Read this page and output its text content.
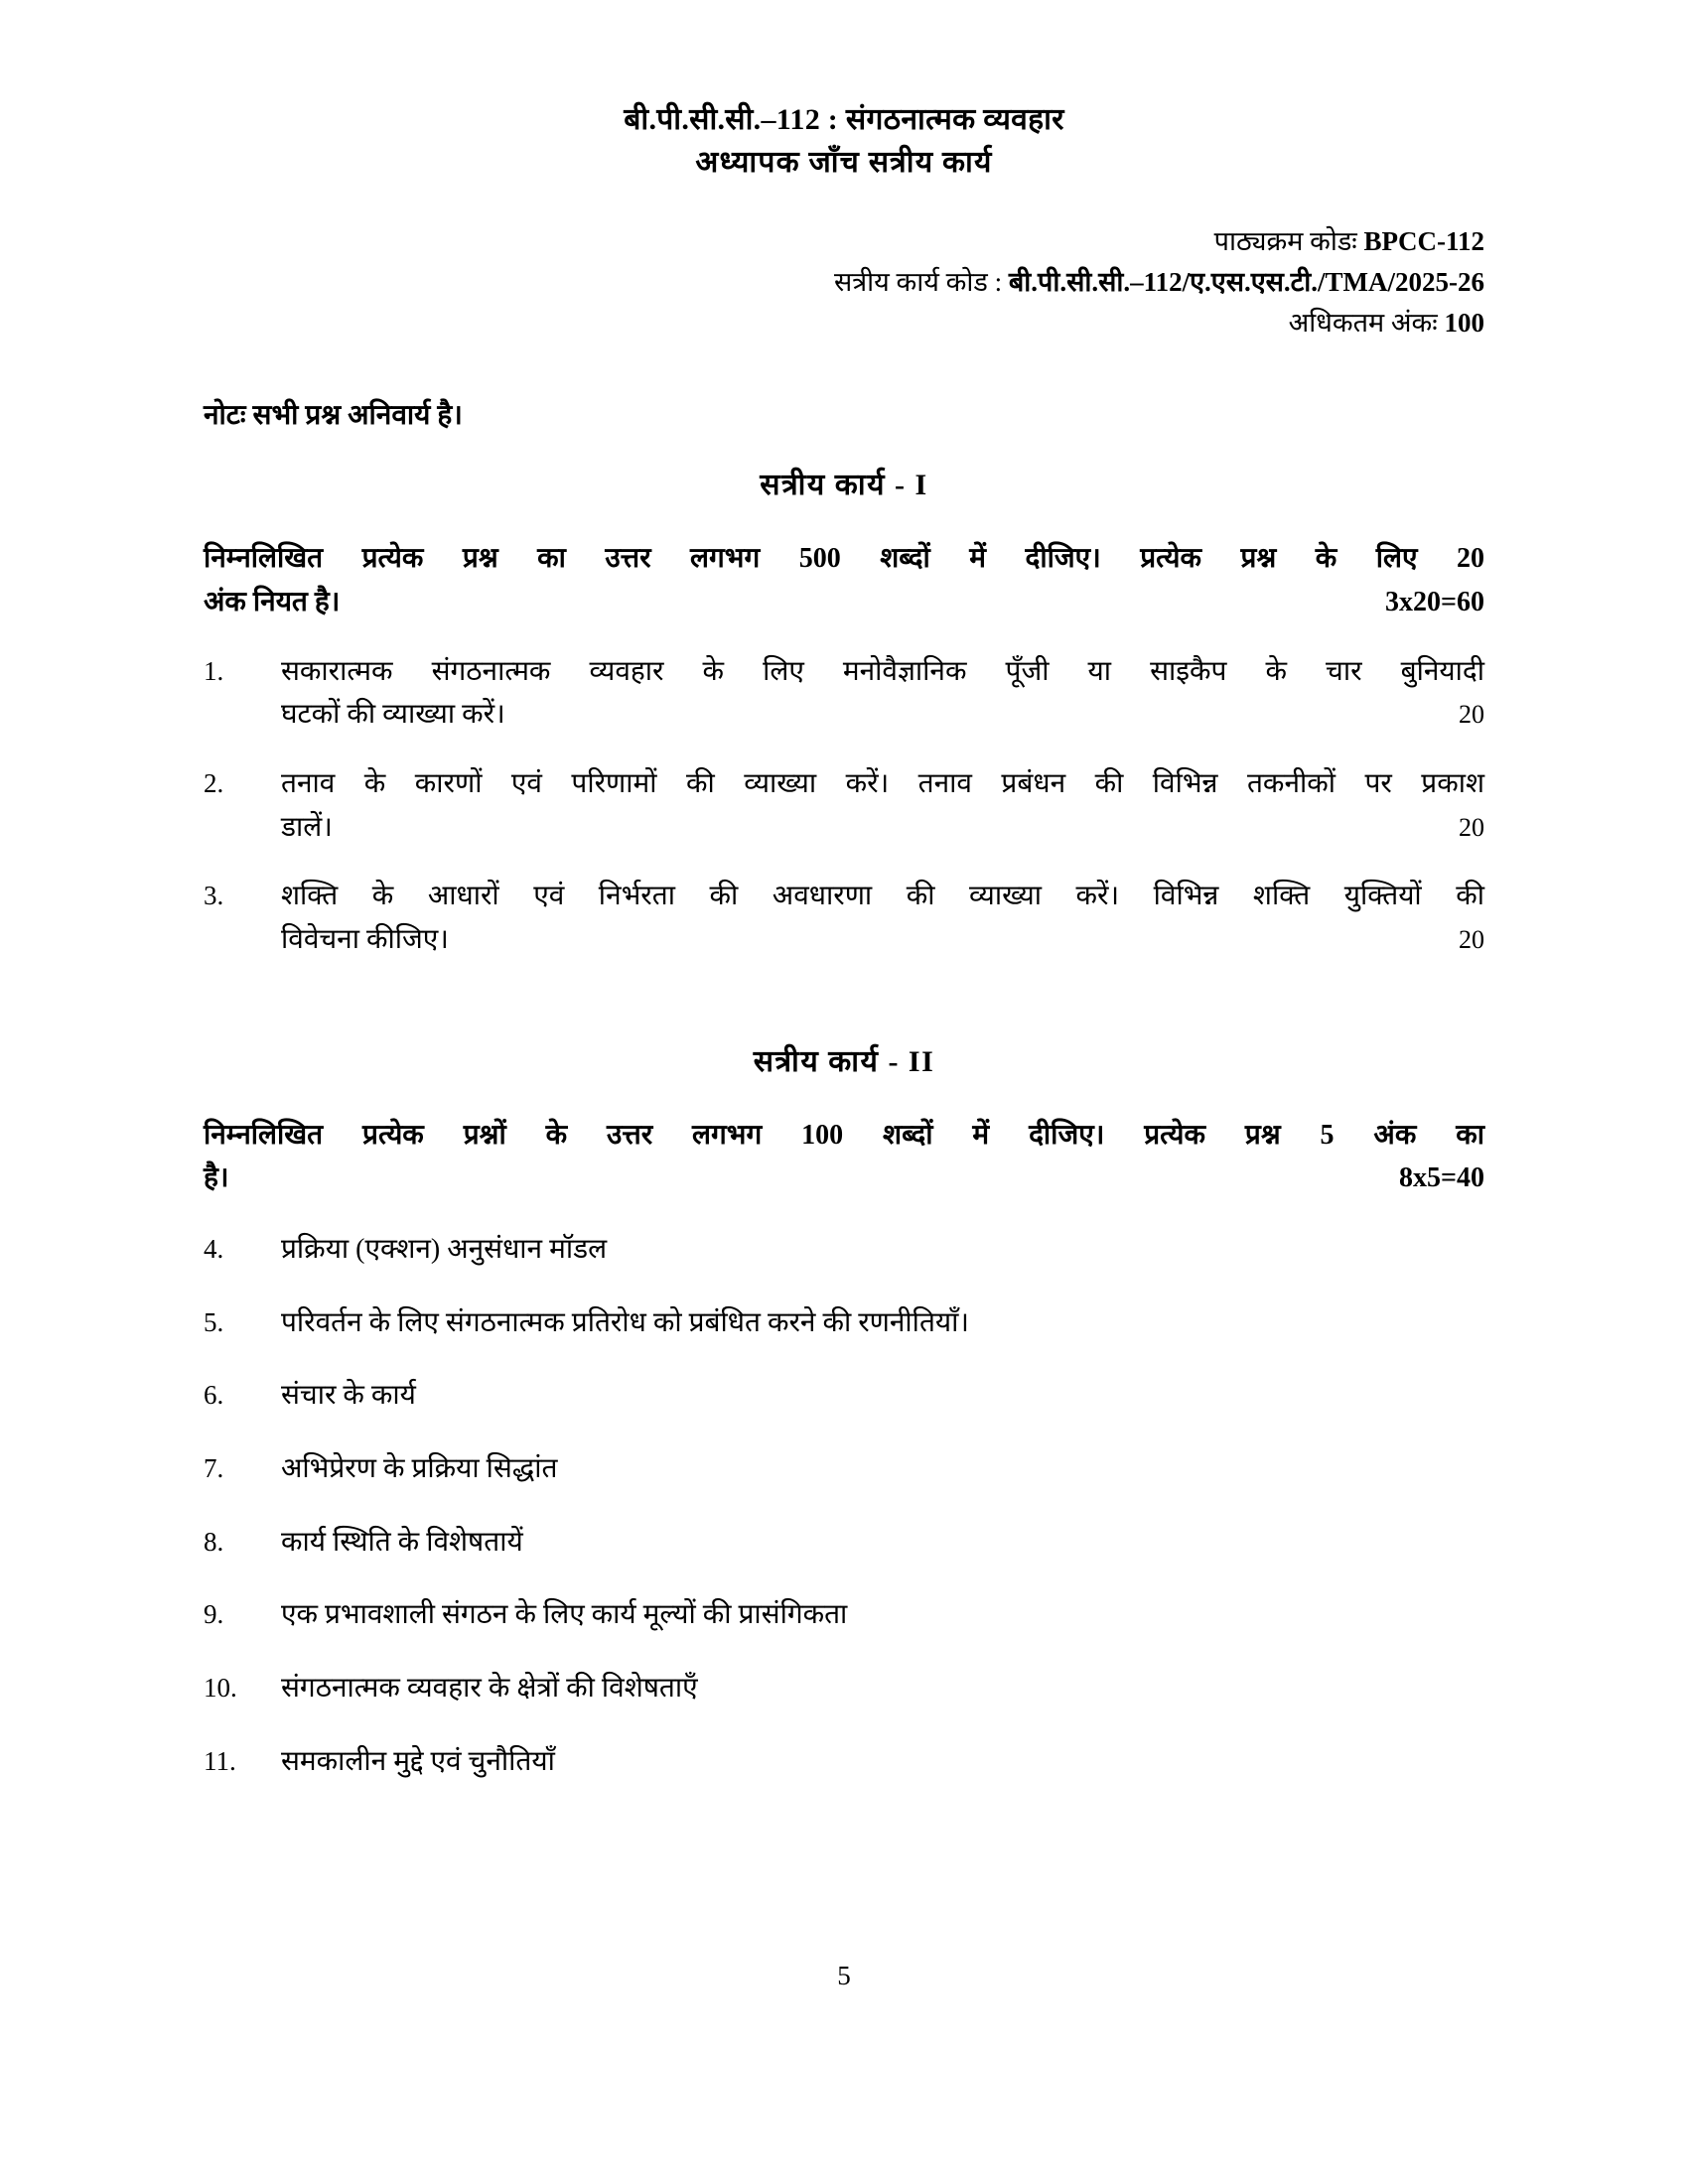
बी.पी.सी.सी.–112 : संगठनात्मक व्यवहार
अध्यापक जाँच सत्रीय कार्य
पाठ्यक्रम कोडः BPCC-112
सत्रीय कार्य कोड : बी.पी.सी.सी.–112/ए.एस.एस.टी./TMA/2025-26
अधिकतम अंकः 100
नोटः सभी प्रश्न अनिवार्य है।
सत्रीय कार्य - I
निम्नलिखित प्रत्येक प्रश्न का उत्तर लगभग 500 शब्दों में दीजिए। प्रत्येक प्रश्न के लिए 20
अंक नियत है।	3x20=60
1.	सकारात्मक संगठनात्मक व्यवहार के लिए मनोवैज्ञानिक पूँजी या साइकैप के चार बुनियादी
घटकों की व्याख्या करें।	20
2.	तनाव के कारणों एवं परिणामों की व्याख्या करें। तनाव प्रबंधन की विभिन्न तकनीकों पर प्रकाश
डालें।	20
3.	शक्ति के आधारों एवं निर्भरता की अवधारणा की व्याख्या करें। विभिन्न शक्ति युक्तियों की
विवेचना कीजिए।	20
सत्रीय कार्य - II
निम्नलिखित प्रत्येक प्रश्नों के उत्तर लगभग 100 शब्दों में दीजिए। प्रत्येक प्रश्न 5 अंक का
है।	8x5=40
4.	प्रक्रिया (एक्शन) अनुसंधान मॉडल
5.	परिवर्तन के लिए संगठनात्मक प्रतिरोध को प्रबंधित करने की रणनीतियाँ।
6.	संचार के कार्य
7.	अभिप्रेरण के प्रक्रिया सिद्धांत
8.	कार्य स्थिति के विशेषतायें
9.	एक प्रभावशाली संगठन के लिए कार्य मूल्यों की प्रासंगिकता
10.	संगठनात्मक व्यवहार के क्षेत्रों की विशेषताएँ
11.	समकालीन मुद्दे एवं चुनौतियाँ
5
